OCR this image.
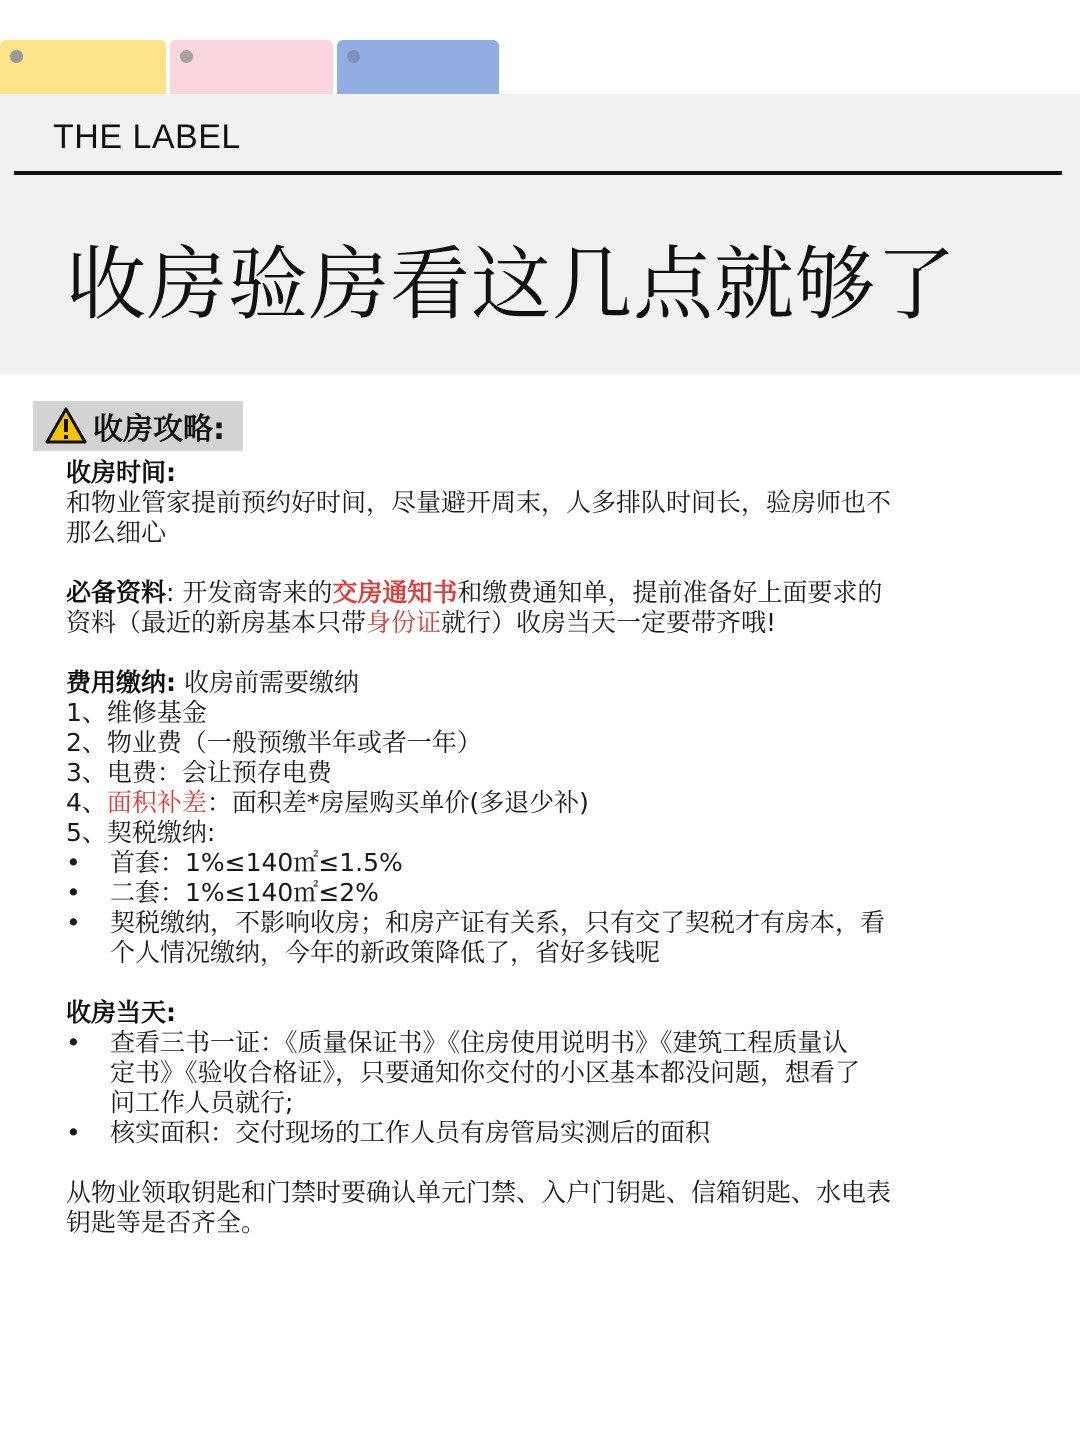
THE LABEL
收房验房看这几点就够了
收房攻略:
收房时间:
和物业管家提前预约好时间，尽量避开周末，人多排队时间长，验房师也不
那么细心
必备资料: 开发商寄来的交房通知书和缴费通知单，提前准备好上面要求的
资料（最近的新房基本只带身份证就行）收房当天一定要带齐哦!
费用缴纳: 收房前需要缴纳
1、维修基金
2、物业费（一般预缴半年或者一年）
3、电费：会让预存电费
4、面积补差：面积差*房屋购买单价(多退少补)
5、契税缴纳:
• 首套：1%≤140㎡≤1.5%
• 二套：1%≤140㎡≤2%
• 契税缴纳，不影响收房；和房产证有关系，只有交了契税才有房本，看
个人情况缴纳，今年的新政策降低了，省好多钱呢
收房当天:
• 查看三书一证：《质量保证书》《住房使用说明书》《建筑工程质量认
定书》《验收合格证》，只要通知你交付的小区基本都没问题，想看了
问工作人员就行;
• 核实面积：交付现场的工作人员有房管局实测后的面积
从物业领取钥匙和门禁时要确认单元门禁、入户门钥匙、信箱钥匙、水电表
钥匙等是否齐全。
